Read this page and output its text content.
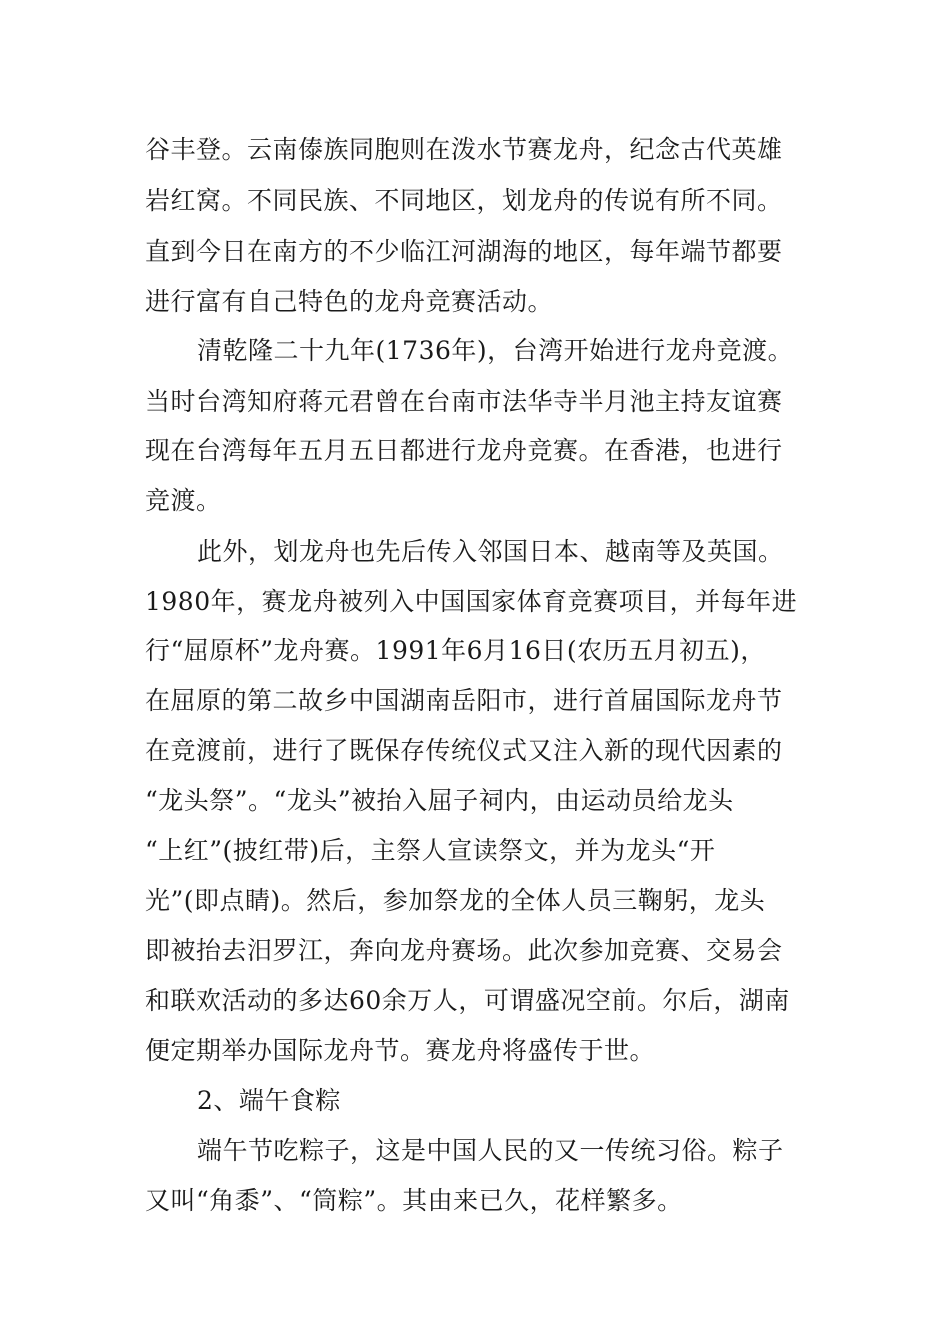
谷丰登。云南傣族同胞则在泼水节赛龙舟，纪念古代英雄
岩红窝。不同民族、不同地区，划龙舟的传说有所不同。
直到今日在南方的不少临江河湖海的地区，每年端节都要
进行富有自己特色的龙舟竞赛活动。
清乾隆二十九年(1736年)，台湾开始进行龙舟竞渡。
当时台湾知府蒋元君曾在台南市法华寺半月池主持友谊赛
现在台湾每年五月五日都进行龙舟竞赛。在香港，也进行
竞渡。
此外，划龙舟也先后传入邻国日本、越南等及英国。
1980年，赛龙舟被列入中国国家体育竞赛项目，并每年进
行“屈原杯”龙舟赛。1991年6月16日(农历五月初五)，
在屈原的第二故乡中国湖南岳阳市，进行首届国际龙舟节
在竞渡前，进行了既保存传统仪式又注入新的现代因素的
“龙头祭”。“龙头”被抬入屈子祠内，由运动员给龙头
“上红”(披红带)后，主祭人宣读祭文，并为龙头“开
光”(即点睛)。然后，参加祭龙的全体人员三鞠躬，龙头
即被抬去汨罗江，奔向龙舟赛场。此次参加竞赛、交易会
和联欢活动的多达60余万人，可谓盛况空前。尔后，湖南
便定期举办国际龙舟节。赛龙舟将盛传于世。
2、端午食粽
端午节吃粽子，这是中国人民的又一传统习俗。粽子
又叫“角黍”、“筒粽”。其由来已久，花样繁多。
